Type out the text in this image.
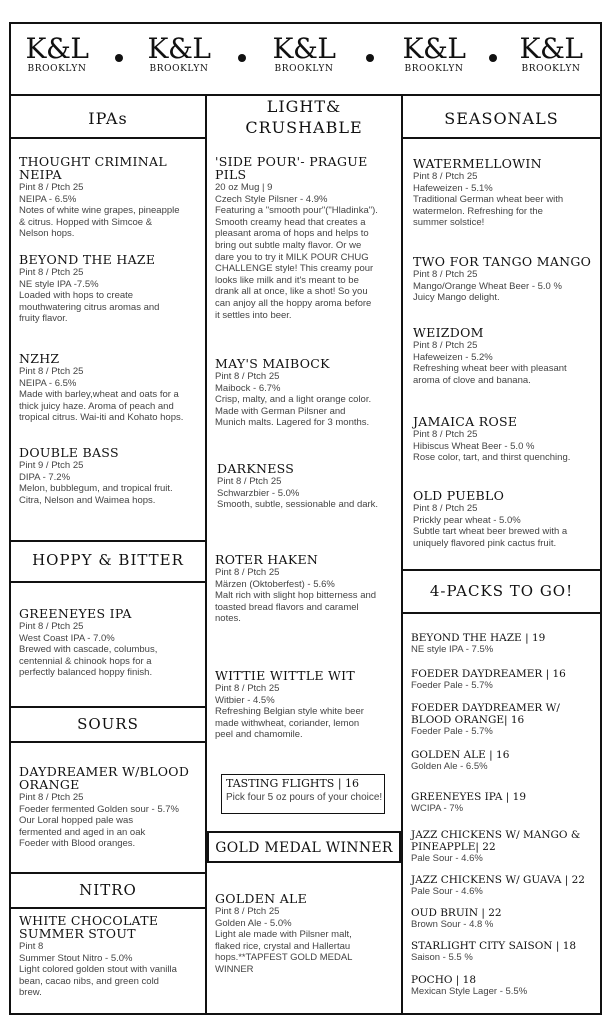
K&L
BROOKLYN
K&L
BROOKLYN
K&L
BROOKLYN
K&L
BROOKLYN
K&L
BROOKLYN
IPAs
THOUGHT CRIMINAL NEIPA
Pint 8 / Ptch 25
NEIPA - 6.5%
Notes of white wine grapes, pineapple
& citrus. Hopped with Simcoe &
Nelson hops.
BEYOND THE HAZE
Pint 8 / Ptch 25
NE style IPA -7.5%
Loaded with hops to create
mouthwatering citrus aromas and
fruity flavor.
NZHZ
Pint 8 / Ptch 25
NEIPA - 6.5%
Made with barley,wheat and oats for a
thick juicy haze. Aroma of peach and
tropical citrus. Wai-iti and Kohato hops.
DOUBLE BASS
Pint 9 / Ptch 25
DIPA - 7.2%
Melon, bubblegum, and tropical fruit.
Citra, Nelson and Waimea hops.
HOPPY & BITTER
GREENEYES IPA
Pint 8 / Ptch 25
West Coast IPA - 7.0%
Brewed with cascade, columbus,
centennial & chinook hops for a
perfectly balanced hoppy finish.
SOURS
DAYDREAMER W/BLOOD ORANGE
Pint 8 / Ptch 25
Foeder fermented Golden sour - 5.7%
Our Loral hopped pale was
fermented and aged in an oak
Foeder with Blood oranges.
NITRO
WHITE CHOCOLATE SUMMER STOUT
Pint 8
Summer Stout Nitro - 5.0%
Light colored golden stout with vanilla
bean, cacao nibs, and green cold
brew.
LIGHT& CRUSHABLE
'SIDE POUR'- PRAGUE PILS
20 oz Mug | 9
Czech Style Pilsner - 4.9%
Featuring a "smooth pour"("Hladinka").
Smooth creamy head that creates a
pleasant aroma of hops and helps to
bring out subtle malty flavor. Or we
dare you to try it MILK POUR CHUG
CHALLENGE style! This creamy pour
looks like milk and it's meant to be
drank all at once, like a shot! So you
can anjoy all the hoppy aroma before
it settles into beer.
MAY'S MAIBOCK
Pint 8 / Ptch 25
Maibock - 6.7%
Crisp, malty, and a light orange color.
Made with German Pilsner and
Munich malts. Lagered for 3 months.
DARKNESS
Pint 8 / Ptch 25
Schwarzbier - 5.0%
Smooth, subtle, sessionable and dark.
ROTER HAKEN
Pint 8 / Ptch 25
Märzen (Oktoberfest) - 5.6%
Malt rich with slight hop bitterness and
toasted bread flavors and caramel
notes.
WITTIE WITTLE WIT
Pint 8 / Ptch 25
Witbier - 4.5%
Refreshing Belgian style white beer
made withwheat, coriander, lemon
peel and chamomile.
TASTING FLIGHTS | 16
Pick four 5 oz pours of your choice!
GOLD MEDAL WINNER
GOLDEN ALE
Pint 8 / Ptch 25
Golden Ale - 5.0%
Light ale made with Pilsner malt,
flaked rice, crystal and Hallertau
hops.**TAPFEST GOLD MEDAL
WINNER
SEASONALS
WATERMELLOWIN
Pint 8 / Ptch 25
Hafeweizen - 5.1%
Traditional German wheat beer with
watermelon. Refreshing for the
summer solstice!
TWO FOR TANGO MANGO
Pint 8 / Ptch 25
Mango/Orange Wheat Beer - 5.0 %
Juicy Mango delight.
WEIZDOM
Pint 8 / Ptch 25
Hafeweizen - 5.2%
Refreshing wheat beer with pleasant
aroma of clove and banana.
JAMAICA ROSE
Pint 8 / Ptch 25
Hibiscus Wheat Beer - 5.0 %
Rose color, tart, and thirst quenching.
OLD PUEBLO
Pint 8 / Ptch 25
Prickly pear wheat - 5.0%
Subtle tart wheat beer brewed with a
uniquely flavored pink cactus fruit.
4-PACKS TO GO!
BEYOND THE HAZE | 19
NE style IPA - 7.5%
FOEDER DAYDREAMER | 16
Foeder Pale - 5.7%
FOEDER DAYDREAMER W/ BLOOD ORANGE| 16
Foeder Pale - 5.7%
GOLDEN ALE | 16
Golden Ale - 6.5%
GREENEYES IPA | 19
WCIPA - 7%
JAZZ CHICKENS W/ MANGO & PINEAPPLE| 22
Pale Sour - 4.6%
JAZZ CHICKENS W/ GUAVA | 22
Pale Sour - 4.6%
OUD BRUIN | 22
Brown Sour - 4.8 %
STARLIGHT CITY SAISON | 18
Saison - 5.5 %
POCHO | 18
Mexican Style Lager - 5.5%
